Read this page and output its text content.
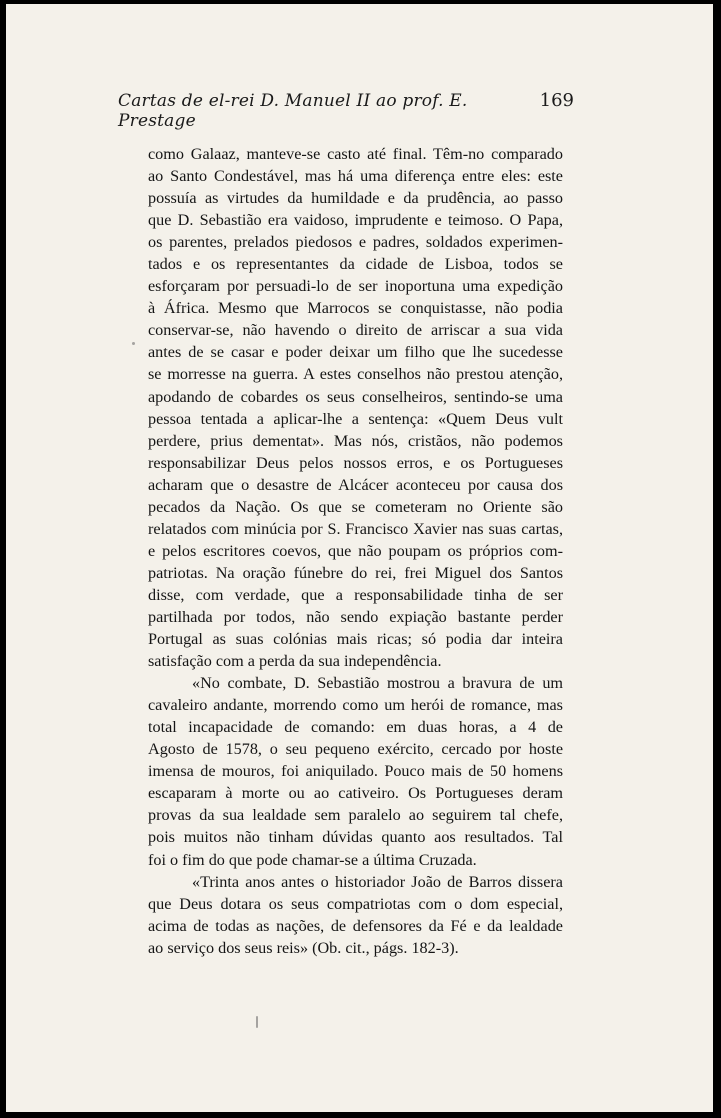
Cartas de el-rei D. Manuel II ao prof. E. Prestage
169
como Galaaz, manteve-se casto até final. Têm-no comparado
ao Santo Condestável, mas há uma diferença entre eles: este
possuía as virtudes da humildade e da prudência, ao passo
que D. Sebastião era vaidoso, imprudente e teimoso. O Papa,
os parentes, prelados piedosos e padres, soldados experimen-
tados e os representantes da cidade de Lisboa, todos se
esforçaram por persuadi-lo de ser inoportuna uma expedição
à África. Mesmo que Marrocos se conquistasse, não podia
conservar-se, não havendo o direito de arriscar a sua vida
antes de se casar e poder deixar um filho que lhe sucedesse
se morresse na guerra. A estes conselhos não prestou atenção,
apodando de cobardes os seus conselheiros, sentindo-se uma
pessoa tentada a aplicar-lhe a sentença: «Quem Deus vult
perdere, prius dementat». Mas nós, cristãos, não podemos
responsabilizar Deus pelos nossos erros, e os Portugueses
acharam que o desastre de Alcácer aconteceu por causa dos
pecados da Nação. Os que se cometeram no Oriente são
relatados com minúcia por S. Francisco Xavier nas suas cartas,
e pelos escritores coevos, que não poupam os próprios com-
patriotas. Na oração fúnebre do rei, frei Miguel dos Santos
disse, com verdade, que a responsabilidade tinha de ser
partilhada por todos, não sendo expiação bastante perder
Portugal as suas colónias mais ricas; só podia dar inteira
satisfação com a perda da sua independência.
«No combate, D. Sebastião mostrou a bravura de um
cavaleiro andante, morrendo como um herói de romance, mas
total incapacidade de comando: em duas horas, a 4 de
Agosto de 1578, o seu pequeno exército, cercado por hoste
imensa de mouros, foi aniquilado. Pouco mais de 50 homens
escaparam à morte ou ao cativeiro. Os Portugueses deram
provas da sua lealdade sem paralelo ao seguirem tal chefe,
pois muitos não tinham dúvidas quanto aos resultados. Tal
foi o fim do que pode chamar-se a última Cruzada.
«Trinta anos antes o historiador João de Barros dissera
que Deus dotara os seus compatriotas com o dom especial,
acima de todas as nações, de defensores da Fé e da lealdade
ao serviço dos seus reis» (Ob. cit., págs. 182-3).
